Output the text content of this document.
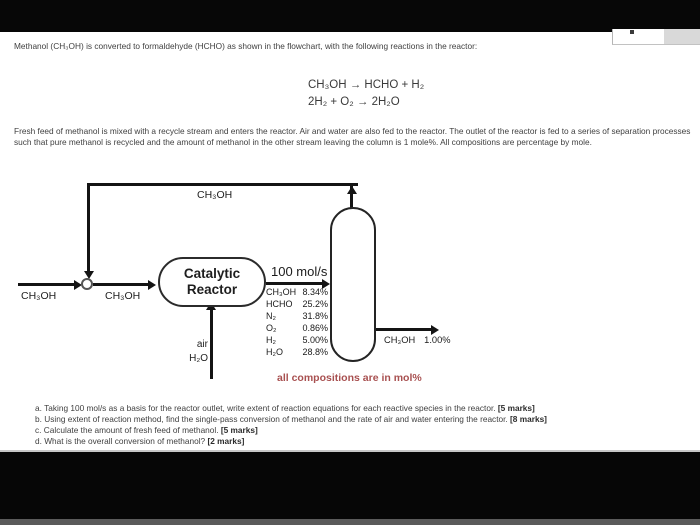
Methanol (CH₃OH) is converted to formaldehyde (HCHO) as shown in the flowchart, with the following reactions in the reactor:

CH₃OH → HCHO + H₂
2H₂ + O₂ → 2H₂O

Fresh feed of methanol is mixed with a recycle stream and enters the reactor. Air and water are also fed to the reactor. The outlet of the reactor is fed to a series of separation processes such that pure methanol is recycled and the amount of methanol in the other stream leaving the column is 1 mole%. All compositions are percentage by mole.

CH₃OH
CH₃OH	CH₃OH
Catalytic
Reactor
air
H₂O
100 mol/s
CH₃OH 8.34%
HCHO 25.2%
N₂	31.8%
O₂	0.86%
H₂	5.00%
H₂O 28.8%
CH₃OH 1.00%
all compositions are in mol%

a. Taking 100 mol/s as a basis for the reactor outlet, write extent of reaction equations for each reactive species in the reactor. [5 marks]

b. Using extent of reaction method, find the single-pass conversion of methanol and the rate of air and water entering the reactor. [8 marks]

c. Calculate the amount of fresh feed of methanol. [5 marks]

d. What is the overall conversion of methanol? [2 marks]
